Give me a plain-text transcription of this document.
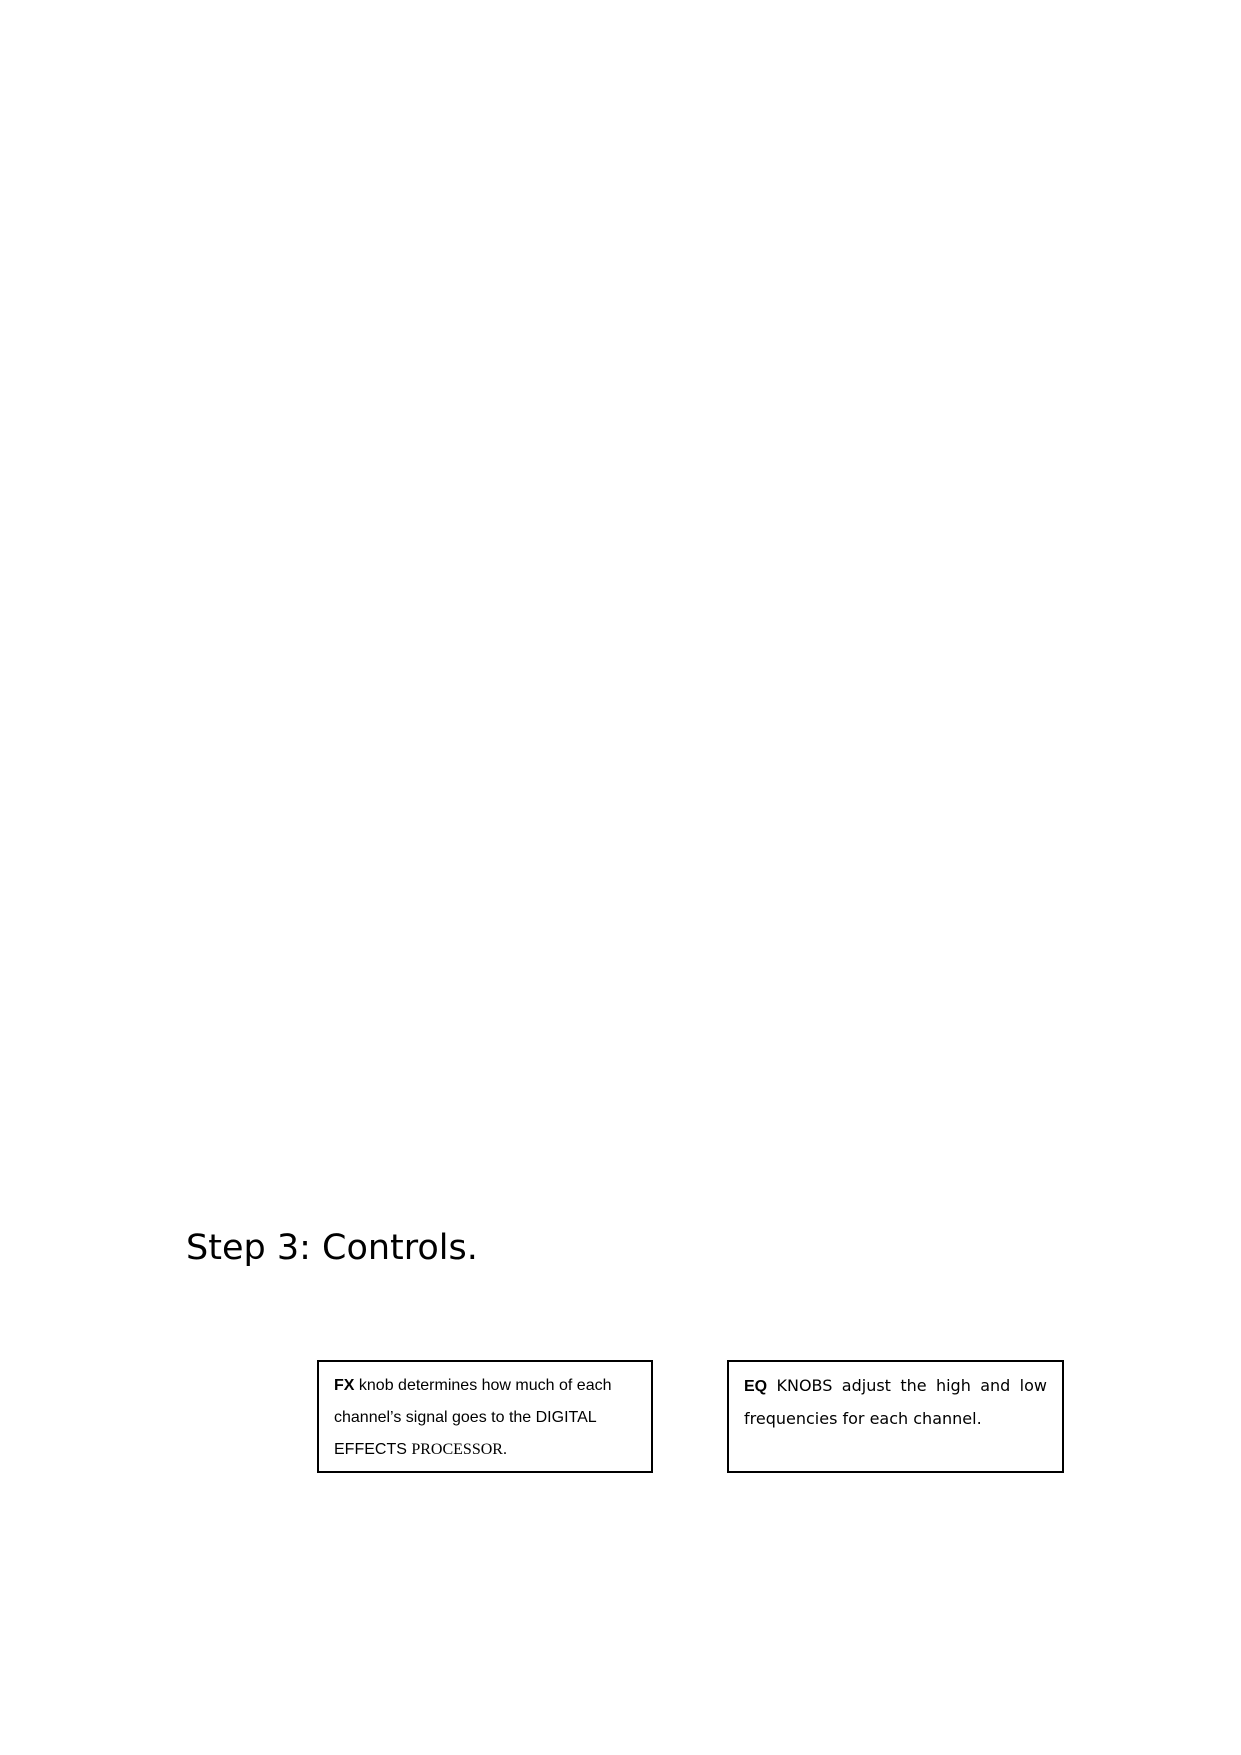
Step 3: Controls.

FX knob determines how much of each channel’s signal goes to the DIGITAL EFFECTS PROCESSOR.

EQ KNOBS adjust the high and low frequencies for each channel.
